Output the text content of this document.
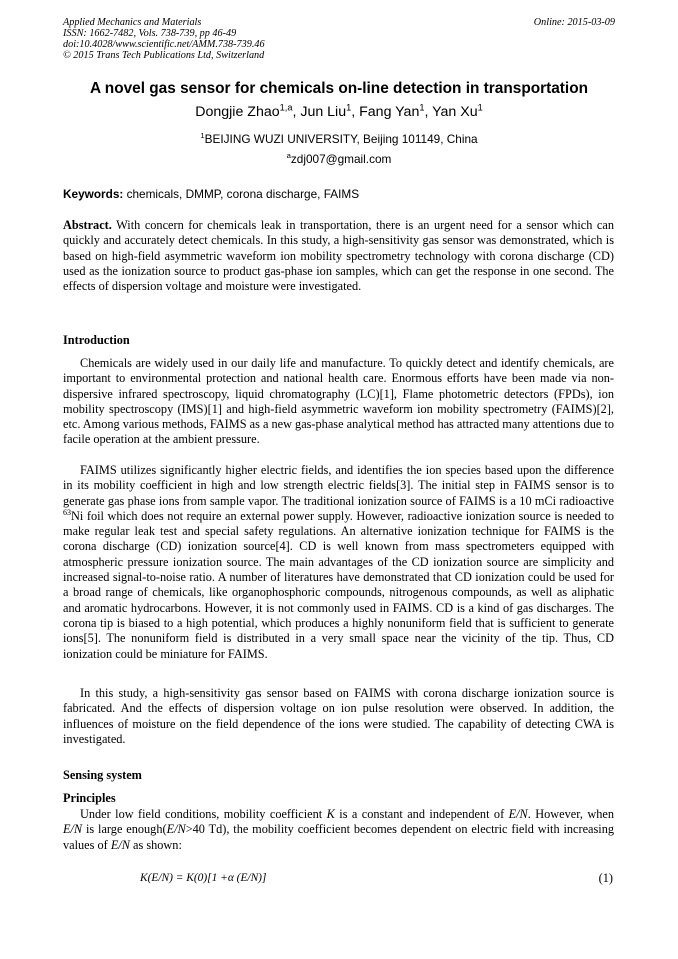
Applied Mechanics and Materials
ISSN: 1662-7482, Vols. 738-739, pp 46-49
doi:10.4028/www.scientific.net/AMM.738-739.46
© 2015 Trans Tech Publications Ltd, Switzerland
Online: 2015-03-09
A novel gas sensor for chemicals on-line detection in transportation
Dongjie Zhao$^{1,a}$, Jun Liu$^1$, Fang Yan$^1$, Yan Xu$^1$
$^1$BEIJING WUZI UNIVERSITY, Beijing 101149, China
$^a$zdj007@gmail.com
Keywords: chemicals, DMMP, corona discharge, FAIMS
Abstract. With concern for chemicals leak in transportation, there is an urgent need for a sensor which can quickly and accurately detect chemicals. In this study, a high-sensitivity gas sensor was demonstrated, which is based on high-field asymmetric waveform ion mobility spectrometry technology with corona discharge (CD) used as the ionization source to product gas-phase ion samples, which can get the response in one second. The effects of dispersion voltage and moisture were investigated.
Introduction
Chemicals are widely used in our daily life and manufacture. To quickly detect and identify chemicals, are important to environmental protection and national health care. Enormous efforts have been made via non-dispersive infrared spectroscopy, liquid chromatography (LC)[1], Flame photometric detectors (FPDs), ion mobility spectroscopy (IMS)[1] and high-field asymmetric waveform ion mobility spectrometry (FAIMS)[2], etc. Among various methods, FAIMS as a new gas-phase analytical method has attracted many attentions due to facile operation at the ambient pressure.
FAIMS utilizes significantly higher electric fields, and identifies the ion species based upon the difference in its mobility coefficient in high and low strength electric fields[3]. The initial step in FAIMS sensor is to generate gas phase ions from sample vapor. The traditional ionization source of FAIMS is a 10 mCi radioactive $^{63}$Ni foil which does not require an external power supply. However, radioactive ionization source is needed to make regular leak test and special safety regulations. An alternative ionization technique for FAIMS is the corona discharge (CD) ionization source[4]. CD is well known from mass spectrometers equipped with atmospheric pressure ionization source. The main advantages of the CD ionization source are simplicity and increased signal-to-noise ratio. A number of literatures have demonstrated that CD ionization could be used for a broad range of chemicals, like organophosphoric compounds, nitrogenous compounds, as well as aliphatic and aromatic hydrocarbons. However, it is not commonly used in FAIMS. CD is a kind of gas discharges. The corona tip is biased to a high potential, which produces a highly nonuniform field that is sufficient to generate ions[5]. The nonuniform field is distributed in a very small space near the vicinity of the tip. Thus, CD ionization could be miniature for FAIMS.
In this study, a high-sensitivity gas sensor based on FAIMS with corona discharge ionization source is fabricated. And the effects of dispersion voltage on ion pulse resolution were observed. In addition, the influences of moisture on the field dependence of the ions were studied. The capability of detecting CWA is investigated.
Sensing system
Principles
Under low field conditions, mobility coefficient K is a constant and independent of E/N. However, when E/N is large enough(E/N>40 Td), the mobility coefficient becomes dependent on electric field with increasing values of E/N as shown:
K(E/N) = K(0)[1 +α (E/N)]	(1)
